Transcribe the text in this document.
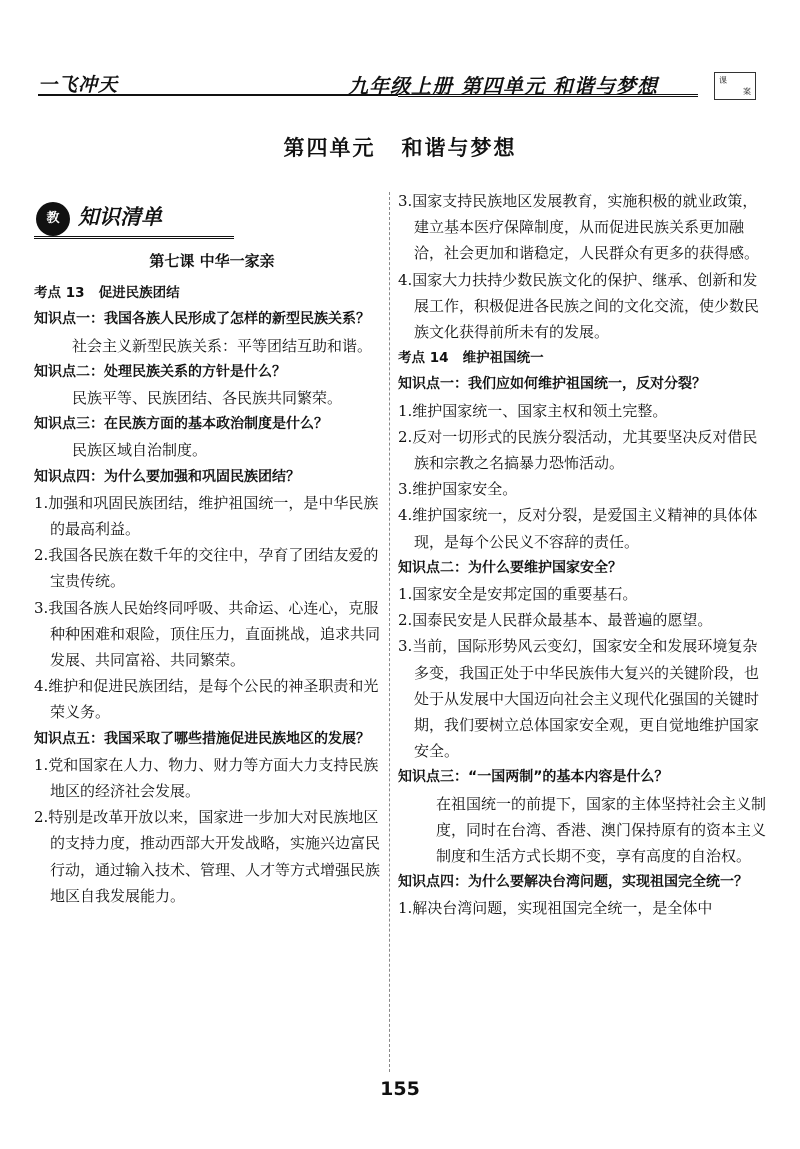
一飞冲天	九年级上册 第四单元 和谐与梦想	课
案
第四单元 和谐与梦想
教 知识清单

第七课 中华一家亲

考点 13 促进民族团结

知识点一：我国各族人民形成了怎样的新型民族关系？

社会主义新型民族关系：平等团结互助和谐。

知识点二：处理民族关系的方针是什么？

民族平等、民族团结、各民族共同繁荣。

知识点三：在民族方面的基本政治制度是什么？

民族区域自治制度。

知识点四：为什么要加强和巩固民族团结？

1.加强和巩固民族团结，维护祖国统一，是中华民族的最高利益。

2.我国各民族在数千年的交往中，孕育了团结友爱的宝贵传统。

3.我国各族人民始终同呼吸、共命运、心连心，克服种种困难和艰险，顶住压力，直面挑战，追求共同发展、共同富裕、共同繁荣。

4.维护和促进民族团结，是每个公民的神圣职责和光荣义务。

知识点五：我国采取了哪些措施促进民族地区的发展？

1.党和国家在人力、物力、财力等方面大力支持民族地区的经济社会发展。

2.特别是改革开放以来，国家进一步加大对民族地区的支持力度，推动西部大开发战略，实施兴边富民行动，通过输入技术、管理、人才等方式增强民族地区自我发展能力。

3.国家支持民族地区发展教育，实施积极的就业政策，建立基本医疗保障制度，从而促进民族关系更加融洽，社会更加和谐稳定，人民群众有更多的获得感。

4.国家大力扶持少数民族文化的保护、继承、创新和发展工作，积极促进各民族之间的文化交流，使少数民族文化获得前所未有的发展。

考点 14 维护祖国统一

知识点一：我们应如何维护祖国统一，反对分裂？

1.维护国家统一、国家主权和领土完整。

2.反对一切形式的民族分裂活动，尤其要坚决反对借民族和宗教之名搞暴力恐怖活动。

3.维护国家安全。

4.维护国家统一，反对分裂，是爱国主义精神的具体体现，是每个公民义不容辞的责任。

知识点二：为什么要维护国家安全？

1.国家安全是安邦定国的重要基石。

2.国泰民安是人民群众最基本、最普遍的愿望。

3.当前，国际形势风云变幻，国家安全和发展环境复杂多变，我国正处于中华民族伟大复兴的关键阶段，也处于从发展中大国迈向社会主义现代化强国的关键时期，我们要树立总体国家安全观，更自觉地维护国家安全。

知识点三：“一国两制”的基本内容是什么？

在祖国统一的前提下，国家的主体坚持社会主义制度，同时在台湾、香港、澳门保持原有的资本主义制度和生活方式长期不变，享有高度的自治权。

知识点四：为什么要解决台湾问题，实现祖国完全统一？

1.解决台湾问题，实现祖国完全统一，是全体中

155
